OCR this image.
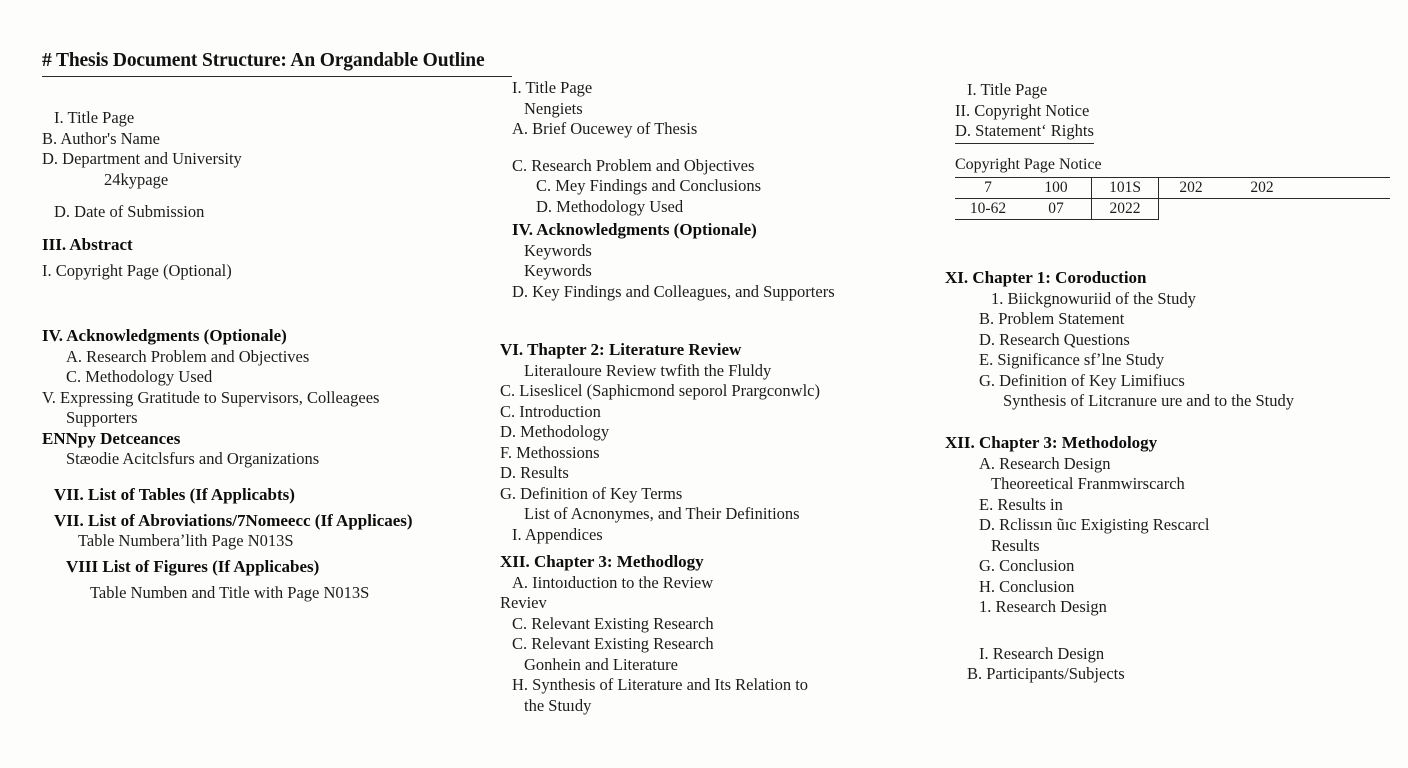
# Thesis Document Structure: An Organdable Outline
I. Title Page
B. Author's Name
D. Department and University
24kypage
D. Date of Submission
III. Abstract
I. Copyright Page (Optional)
IV. Acknowledgments (Optionale)
A. Research Problem and Objectives
C. Methodology Used
V. Expressing Gratitude to Supervisors, Colleagees
Supporters
ENNpy Detceances
Stæodie Acitclsfurs and Organizations
VII. List of Tables (If Applicabts)
VII. List of Abroviations/7Nomeecc (If Applicaes)
Table Numberaʼlith Page N013S
VIII List of Figures (If Applicabes)
Table Numben and Title with Page N013S
I. Title Page
Nengiets
A. Brief Oucewey of Thesis
C. Research Problem and Objectives
C. Mey Findings and Conclusions
D. Methodology Used
IV. Acknowledgments (Optionale)
Keywords
Keywords
D. Key Findings and Colleagues, and Supporters
VI. Thapter 2: Literature Review
Literaιloure Review twfith the Fluldy
C. Liseslicel (Saphicmond seporol Prargconwlc)
C. Introduction
D. Methodology
F. Methossions
D. Results
G. Definition of Key Terms
List of Acnonymes, and Their Definitions
I. Appendices
XII. Chapter 3: Methodlogy
A. Iintoıduction to the Review
Reviev
C. Relevant Existing Research
C. Relevant Existing Research
Gonhein and Literature
H. Synthesis of Literature and Its Relation to
the Stuıdy
I. Title Page
II. Copyright Notice
D. Statementʻ Rights
Copyright Page Notice
7	100	101S	202	202	
10-62	07	2022			
XI. Chapter 1: Coroduction
1. Biickgnowuriid of the Study
B. Problem Statement
D. Research Questions
E. Significance sfʼlne Study
G. Definition of Key Limifiucs
Synthesis of Litcranuɾe ure and to the Study
XII. Chapter 3: Methodology
A. Research Design
Theoreetical Franmwirscarch
E. Results in
D. Rclissın ũıc Exigisting Rescarcl
Results
G. Conclusion
H. Conclusion
1. Research Design
I. Research Design
B. Participants/Subjects
